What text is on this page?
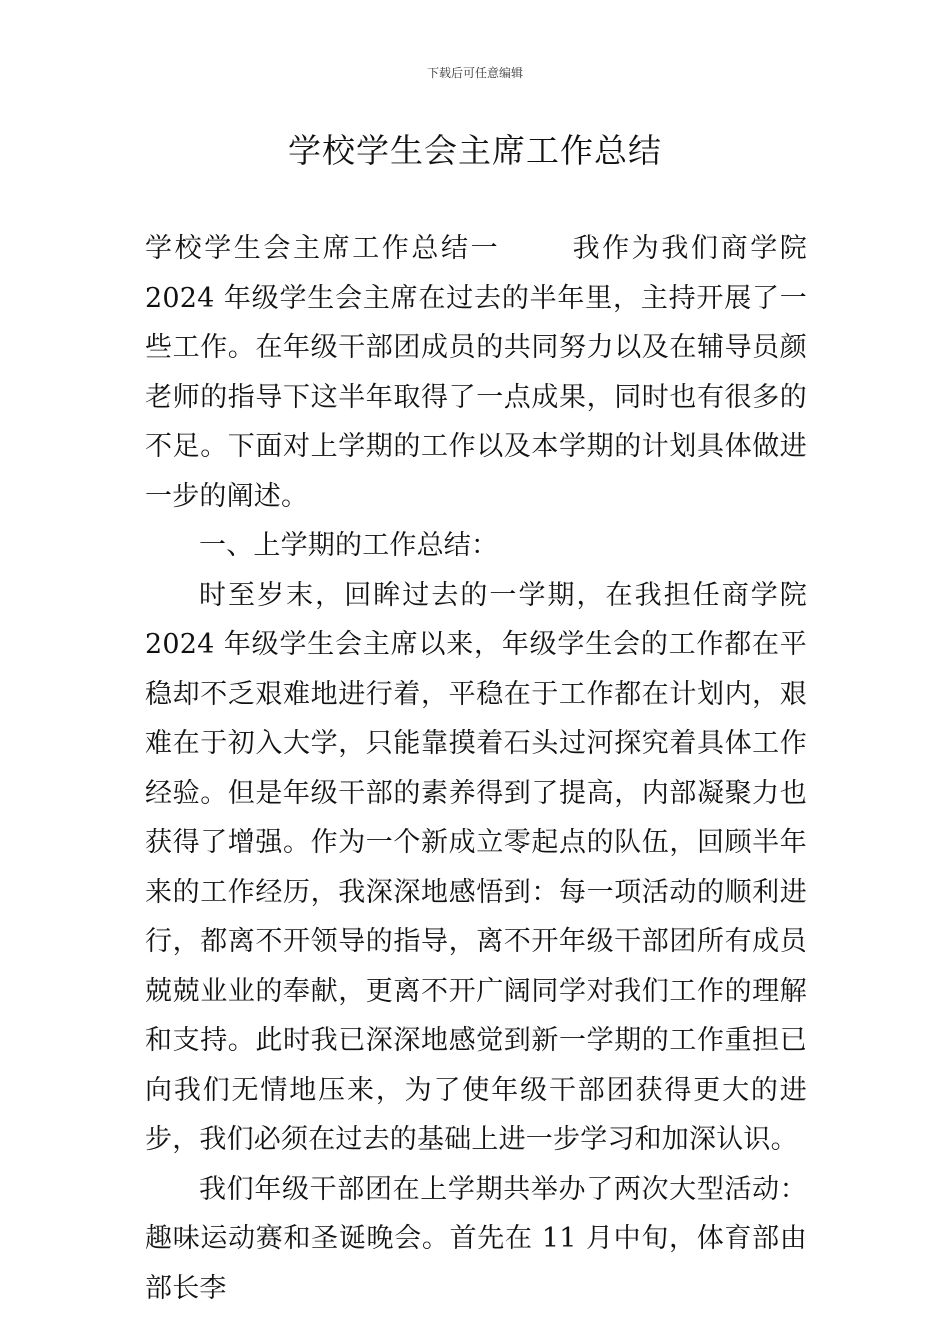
下载后可任意编辑
学校学生会主席工作总结

学校学生会主席工作总结一	我作为我们商学院 2024 年级学生会主席在过去的半年里，主持开展了一些工作。在年级干部团成员的共同努力以及在辅导员颜老师的指导下这半年取得了一点成果，同时也有很多的不足。下面对上学期的工作以及本学期的计划具体做进一步的阐述。

一、上学期的工作总结：

时至岁末，回眸过去的一学期，在我担任商学院 2024 年级学生会主席以来，年级学生会的工作都在平稳却不乏艰难地进行着，平稳在于工作都在计划内，艰难在于初入大学，只能靠摸着石头过河探究着具体工作经验。但是年级干部的素养得到了提高，内部凝聚力也获得了增强。作为一个新成立零起点的队伍，回顾半年来的工作经历，我深深地感悟到：每一项活动的顺利进行，都离不开领导的指导，离不开年级干部团所有成员兢兢业业的奉献，更离不开广阔同学对我们工作的理解和支持。此时我已深深地感觉到新一学期的工作重担已向我们无情地压来，为了使年级干部团获得更大的进步，我们必须在过去的基础上进一步学习和加深认识。

我们年级干部团在上学期共举办了两次大型活动：趣味运动赛和圣诞晚会。首先在 11 月中旬，体育部由部长李
